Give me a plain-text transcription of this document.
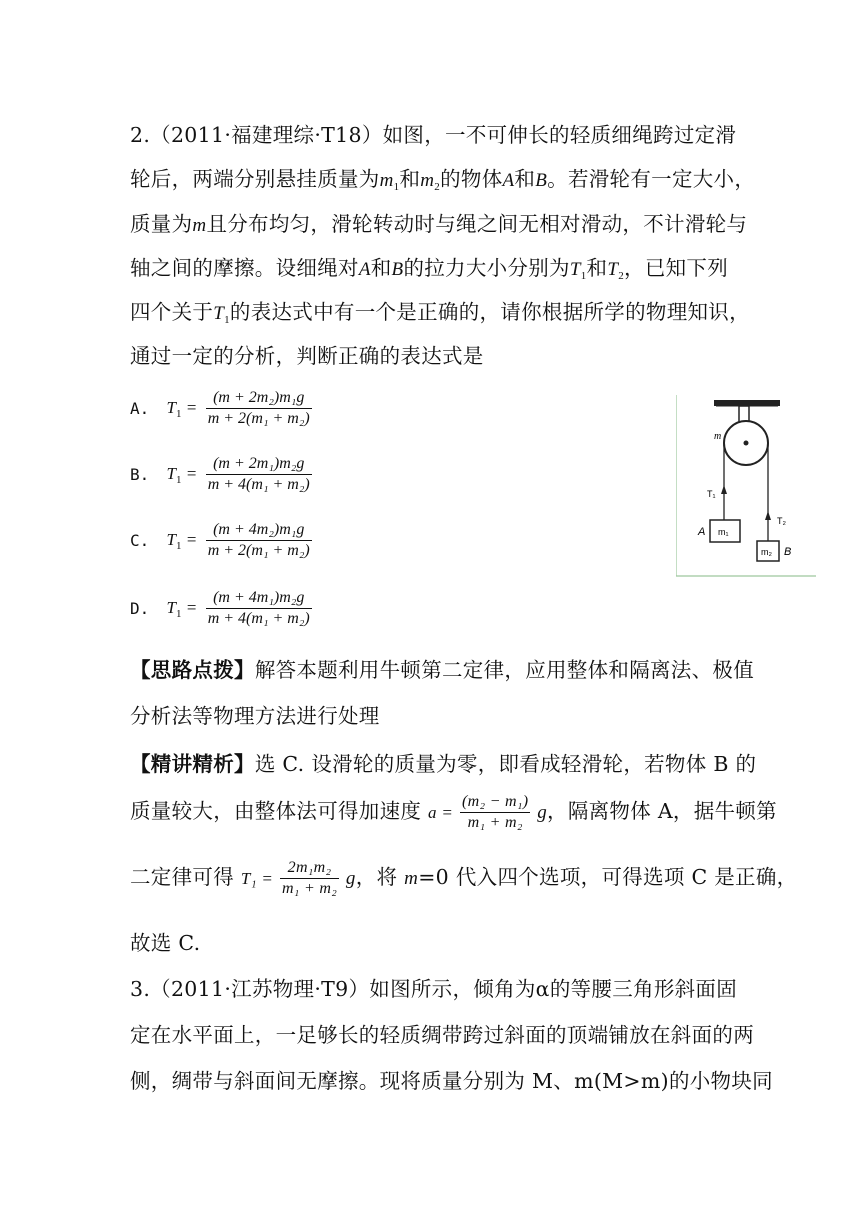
2.（2011·福建理综·T18）如图，一不可伸长的轻质细绳跨过定滑
轮后，两端分别悬挂质量为$m_1$和$m_2$的物体A和B。若滑轮有一定大小，
质量为m且分布均匀，滑轮转动时与绳之间无相对滑动，不计滑轮与
轴之间的摩擦。设细绳对A和B的拉力大小分别为$T_1$和$T_2$，已知下列
四个关于$T_1$的表达式中有一个是正确的，请你根据所学的物理知识，
通过一定的分析，判断正确的表达式是
A. $T_1 = \frac{\text{(m + 2m₂)m₁g}}{\text{m + 2(m₁ + m₂)}}$
B. $T_1 = \frac{\text{(m + 2m₁)m₂g}}{\text{m + 4(m₁ + m₂)}}$
C. $T_1 = \frac{\text{(m + 4m₂)m₁g}}{\text{m + 2(m₁ + m₂)}}$
D. $T_1 = \frac{\text{(m + 4m₁)m₂g}}{\text{m + 4(m₁ + m₂)}}$
m
T₁
T₂
m₁
A
m₂ B
【思路点拨】解答本题利用牛顿第二定律，应用整体和隔离法、极值
分析法等物理方法进行处理
【精讲精析】选 C. 设滑轮的质量为零，即看成轻滑轮，若物体 B 的
质量较大，由整体法可得加速度 $a = \frac{\text{(m₂ − m₁)}}{\text{m₁ + m₂}}$ g，隔离物体 A，据牛顿第
二定律可得 $T_1 = \frac{\text{2m₁m₂}}{\text{m₁ + m₂}}$ g，将 m=0 代入四个选项，可得选项 C 是正确，
故选 C.
3.（2011·江苏物理·T9）如图所示，倾角为α的等腰三角形斜面固
定在水平面上，一足够长的轻质绸带跨过斜面的顶端铺放在斜面的两
侧，绸带与斜面间无摩擦。现将质量分别为 M、m(M>m)的小物块同
